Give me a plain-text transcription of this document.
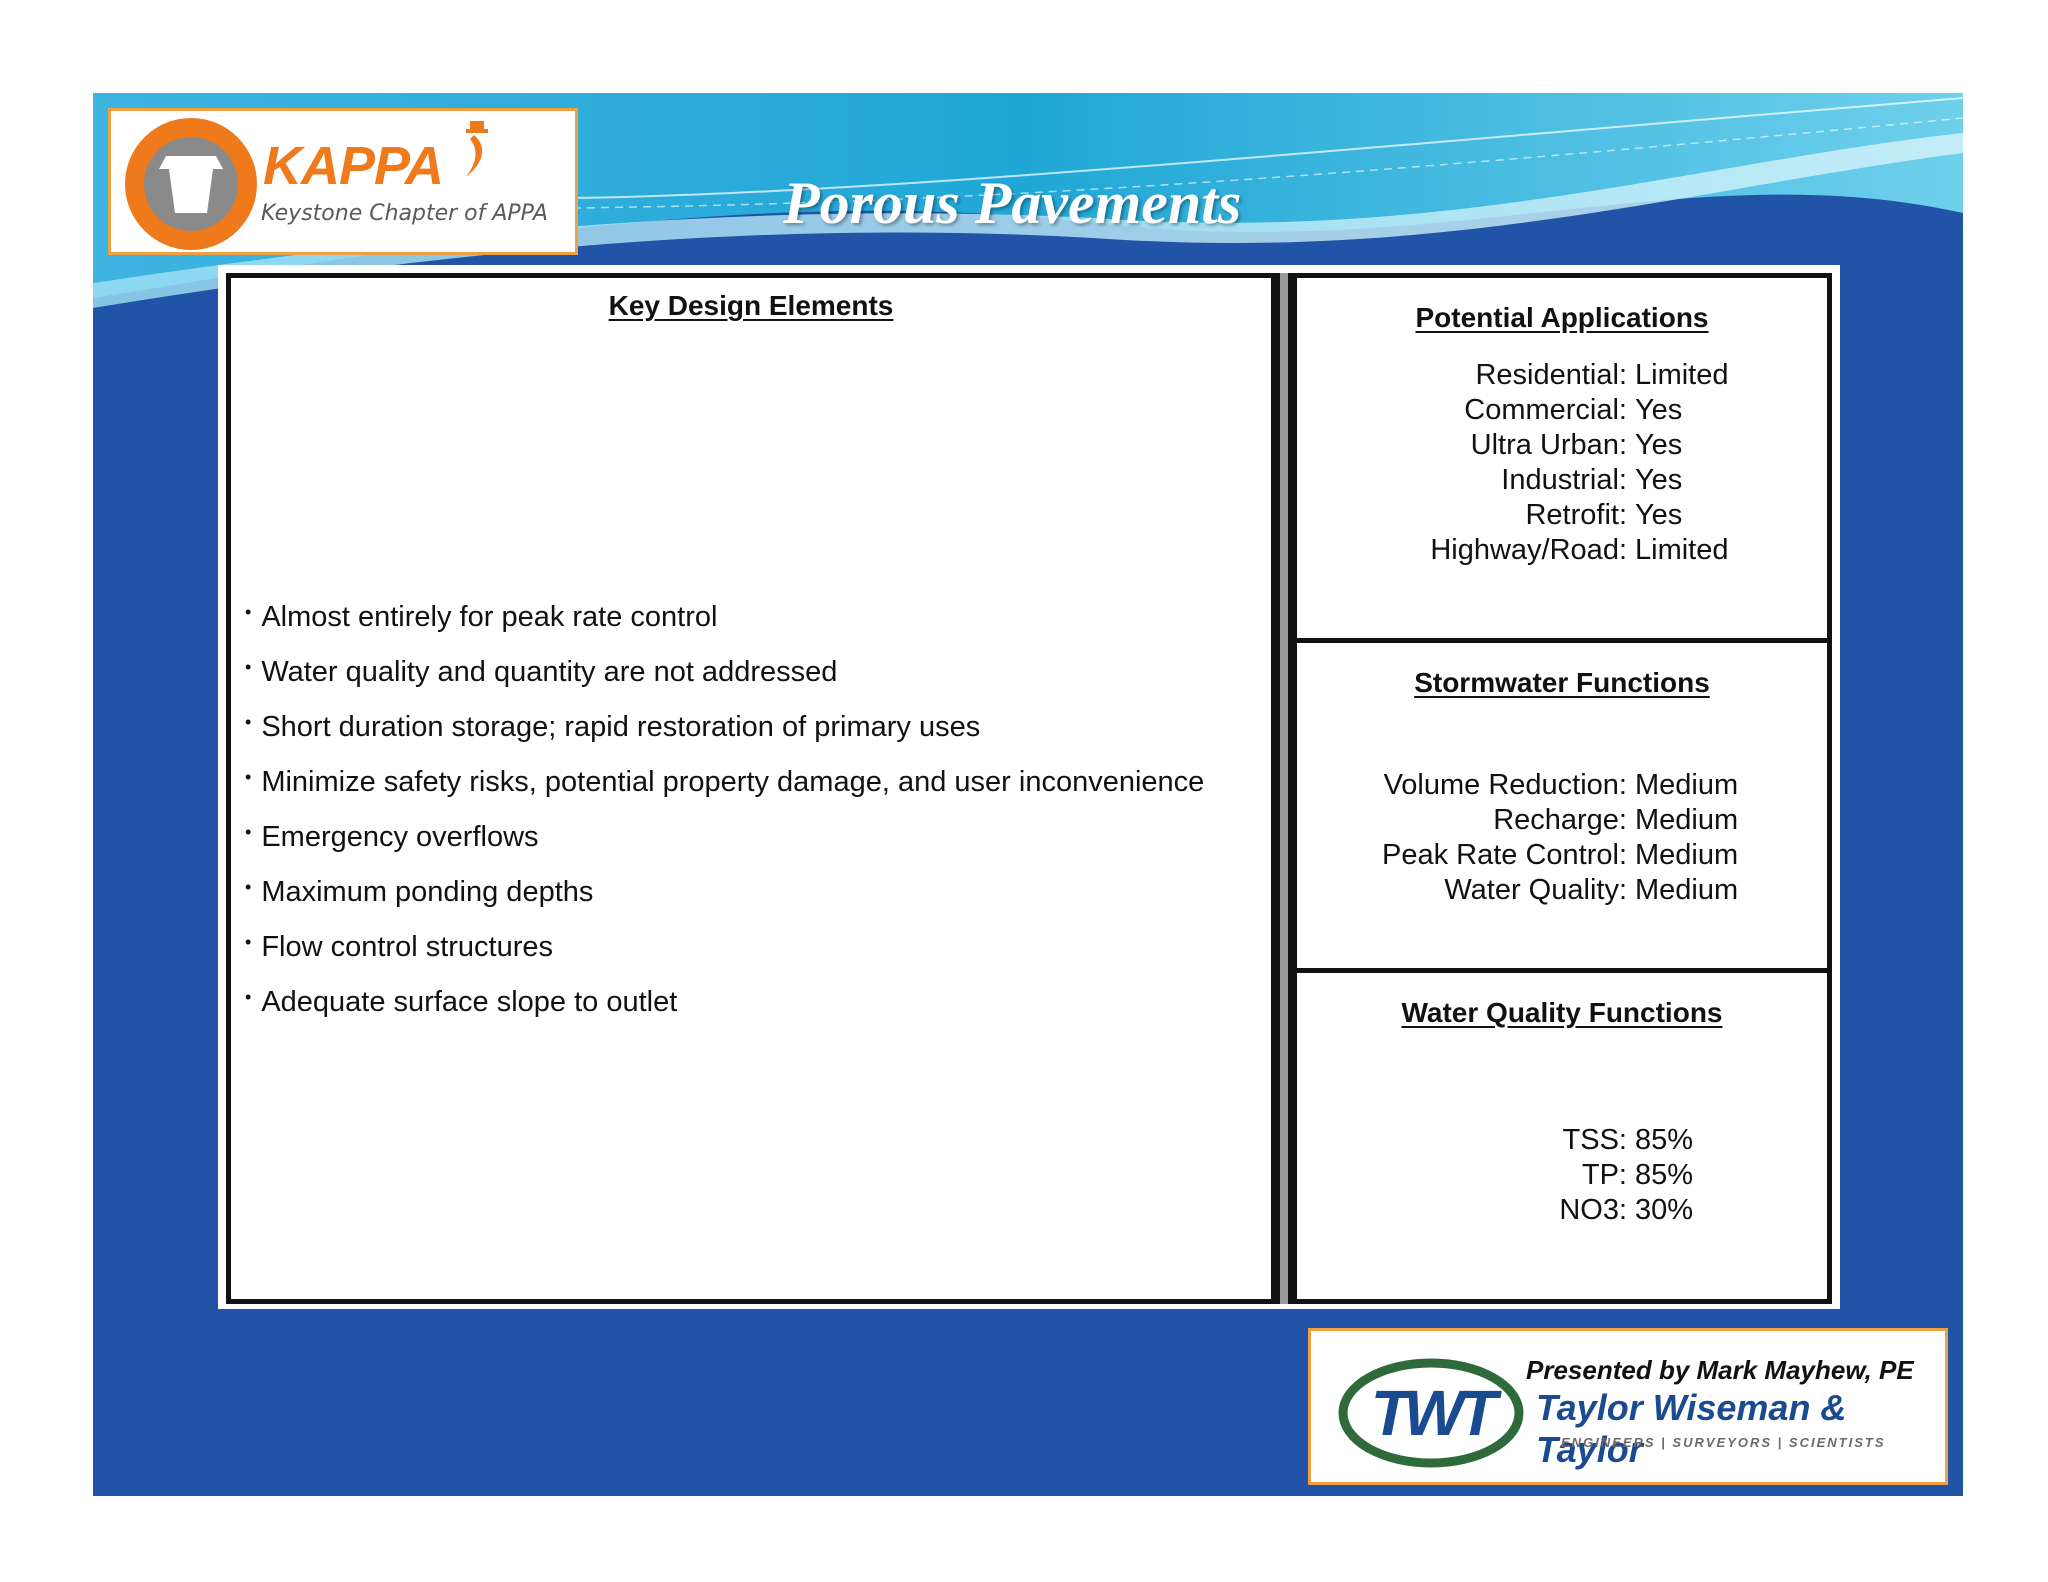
KAPPA
Keystone Chapter of APPA	Porous Pavements
Key Design Elements
• Almost entirely for peak rate control
• Water quality and quantity are not addressed
• Short duration storage; rapid restoration of primary uses
• Minimize safety risks, potential property damage, and user inconvenience
• Emergency overflows
• Maximum ponding depths
• Flow control structures
• Adequate surface slope to outlet
Potential Applications
Residential: Limited
Commercial: Yes
Ultra Urban: Yes
Industrial: Yes
Retrofit: Yes
Highway/Road: Limited
Stormwater Functions
Volume Reduction: Medium
Recharge: Medium
Peak Rate Control: Medium
Water Quality: Medium
Water Quality Functions
TSS: 85%
TP: 85%
NO3: 30%
TWT
Presented by Mark Mayhew, PE
Taylor Wiseman & Taylor
ENGINEERS | SURVEYORS | SCIENTISTS
